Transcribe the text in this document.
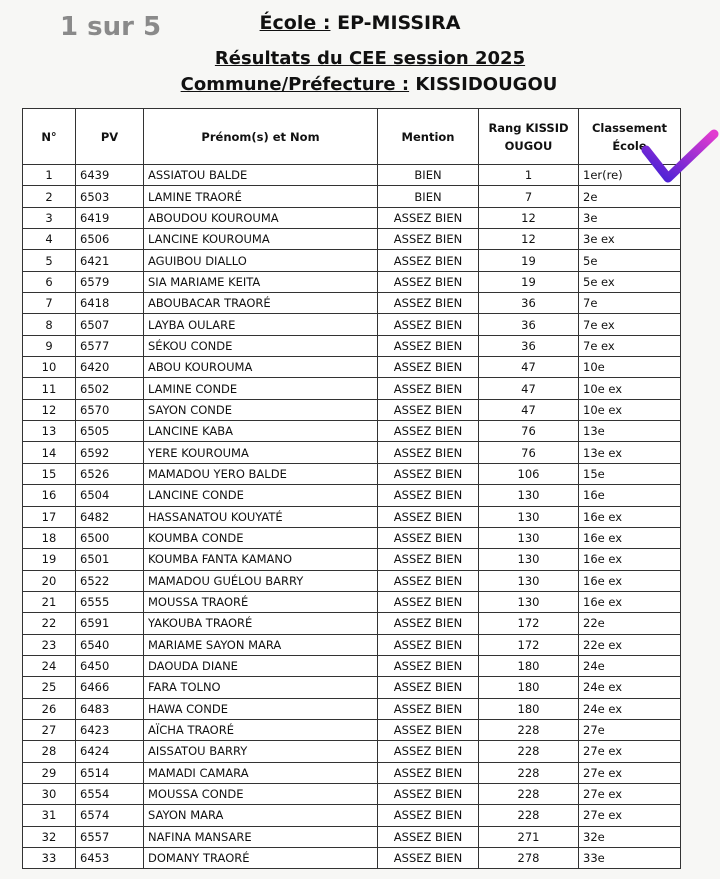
1 sur 5	École : EP-MISSIRA
Résultats du CEE session 2025
Commune/Préfecture : KISSIDOUGOU
N°	PV	Prénom(s) et Nom	Mention	Rang KISSID OUGOU	Classement École
1	6439	ASSIATOU BALDE	BIEN	1	1er(re)
2	6503	LAMINE TRAORÉ	BIEN	7	2e
3	6419	ABOUDOU KOUROUMA	ASSEZ BIEN	12	3e
4	6506	LANCINE KOUROUMA	ASSEZ BIEN	12	3e ex
5	6421	AGUIBOU DIALLO	ASSEZ BIEN	19	5e
6	6579	SIA MARIAME KEITA	ASSEZ BIEN	19	5e ex
7	6418	ABOUBACAR TRAORÉ	ASSEZ BIEN	36	7e
8	6507	LAYBA OULARE	ASSEZ BIEN	36	7e ex
9	6577	SÉKOU CONDE	ASSEZ BIEN	36	7e ex
10	6420	ABOU KOUROUMA	ASSEZ BIEN	47	10e
11	6502	LAMINE CONDE	ASSEZ BIEN	47	10e ex
12	6570	SAYON CONDE	ASSEZ BIEN	47	10e ex
13	6505	LANCINE KABA	ASSEZ BIEN	76	13e
14	6592	YERE KOUROUMA	ASSEZ BIEN	76	13e ex
15	6526	MAMADOU YERO BALDE	ASSEZ BIEN	106	15e
16	6504	LANCINE CONDE	ASSEZ BIEN	130	16e
17	6482	HASSANATOU KOUYATÉ	ASSEZ BIEN	130	16e ex
18	6500	KOUMBA CONDE	ASSEZ BIEN	130	16e ex
19	6501	KOUMBA FANTA KAMANO	ASSEZ BIEN	130	16e ex
20	6522	MAMADOU GUÉLOU BARRY	ASSEZ BIEN	130	16e ex
21	6555	MOUSSA TRAORÉ	ASSEZ BIEN	130	16e ex
22	6591	YAKOUBA TRAORÉ	ASSEZ BIEN	172	22e
23	6540	MARIAME SAYON MARA	ASSEZ BIEN	172	22e ex
24	6450	DAOUDA DIANE	ASSEZ BIEN	180	24e
25	6466	FARA TOLNO	ASSEZ BIEN	180	24e ex
26	6483	HAWA CONDE	ASSEZ BIEN	180	24e ex
27	6423	AÏCHA TRAORÉ	ASSEZ BIEN	228	27e
28	6424	AISSATOU BARRY	ASSEZ BIEN	228	27e ex
29	6514	MAMADI CAMARA	ASSEZ BIEN	228	27e ex
30	6554	MOUSSA CONDE	ASSEZ BIEN	228	27e ex
31	6574	SAYON MARA	ASSEZ BIEN	228	27e ex
32	6557	NAFINA MANSARE	ASSEZ BIEN	271	32e
33	6453	DOMANY TRAORÉ	ASSEZ BIEN	278	33e
